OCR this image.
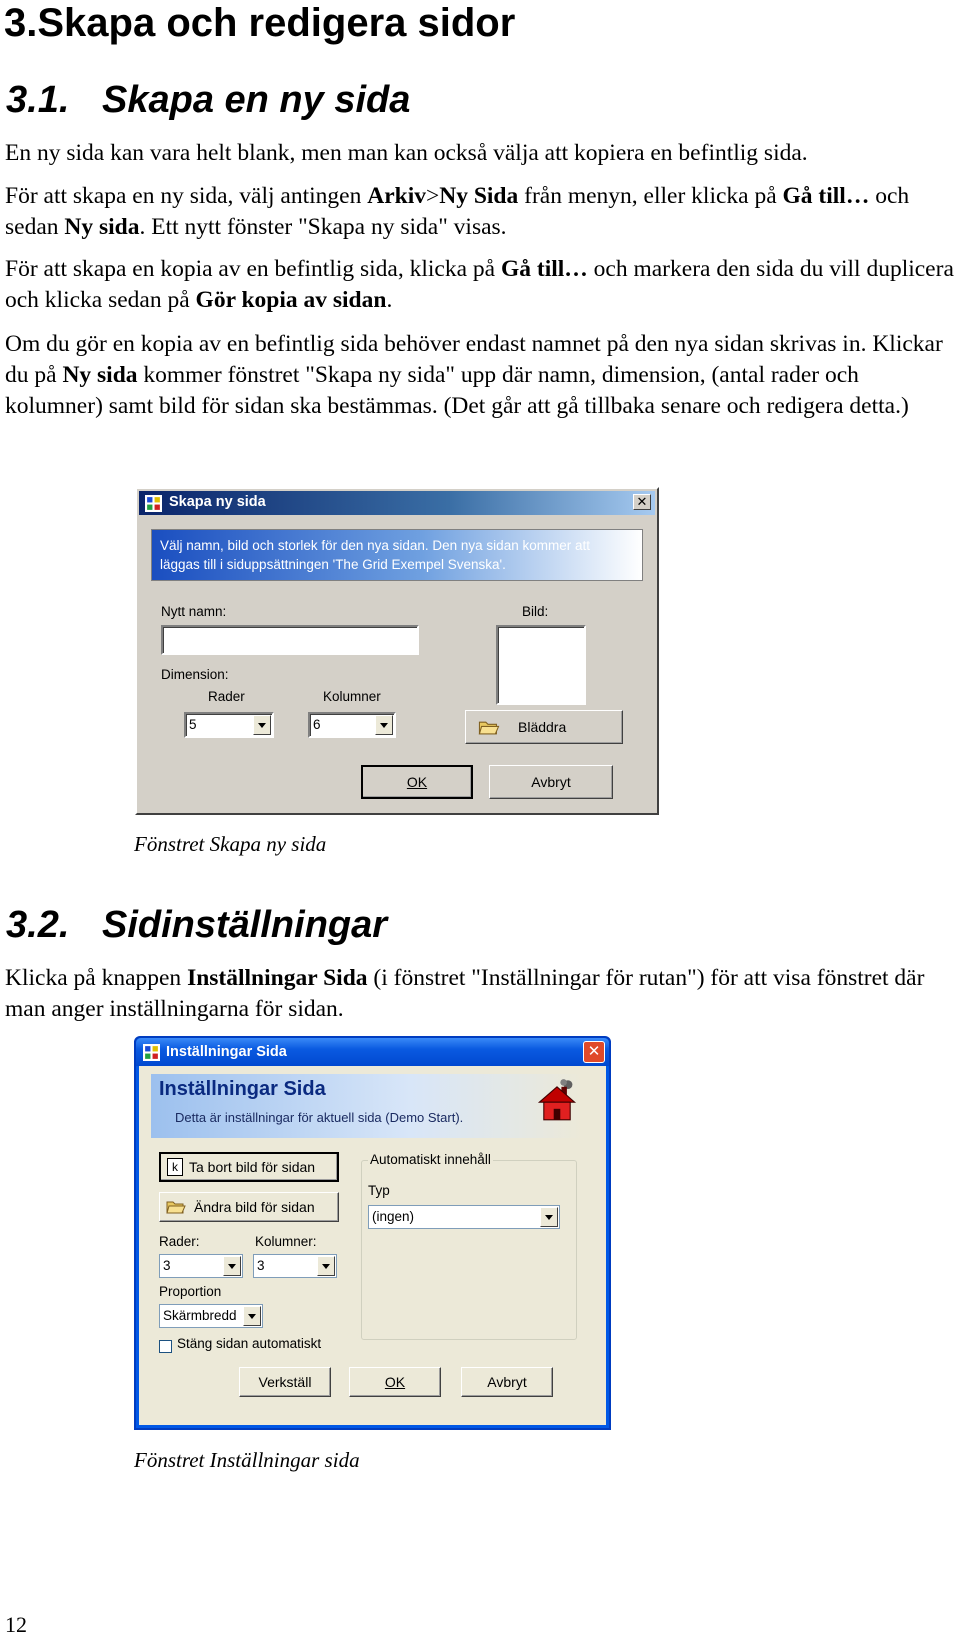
3.Skapa och redigera sidor
3.1. Skapa en ny sida

En ny sida kan vara helt blank, men man kan också välja att kopiera en befintlig sida.

För att skapa en ny sida, välj antingen Arkiv>Ny Sida från menyn, eller klicka på Gå till… och sedan Ny sida. Ett nytt fönster "Skapa ny sida" visas.

För att skapa en kopia av en befintlig sida, klicka på Gå till… och markera den sida du vill duplicera och klicka sedan på Gör kopia av sidan.

Om du gör en kopia av en befintlig sida behöver endast namnet på den nya sidan skrivas in. Klickar du på Ny sida kommer fönstret "Skapa ny sida" upp där namn, dimension, (antal rader och kolumner) samt bild för sidan ska bestämmas. (Det går att gå tillbaka senare och redigera detta.)

Skapa ny sida	✕
Välj namn, bild och storlek för den nya sidan. Den nya sidan kommer att läggas till i siduppsättningen 'The Grid Exempel Svenska'.
Nytt namn:	Bild:
Dimension:
Rader	Kolumner
5	6	Bläddra
OK	Avbryt
Fönstret Skapa ny sida
3.2. Sidinställningar

Klicka på knappen Inställningar Sida (i fönstret "Inställningar för rutan") för att visa fönstret där man anger inställningarna för sidan.

Inställningar Sida	✕
Inställningar Sida
Detta är inställningar för aktuell sida (Demo Start).
k Ta bort bild för sidan
Ändra bild för sidan
Rader:	Kolumner:
3	3
Proportion
Skärmbredd
Stäng sidan automatiskt
Automatiskt innehåll
Typ
(ingen)
Verkställ	OK	Avbryt
Fönstret Inställningar sida
12
